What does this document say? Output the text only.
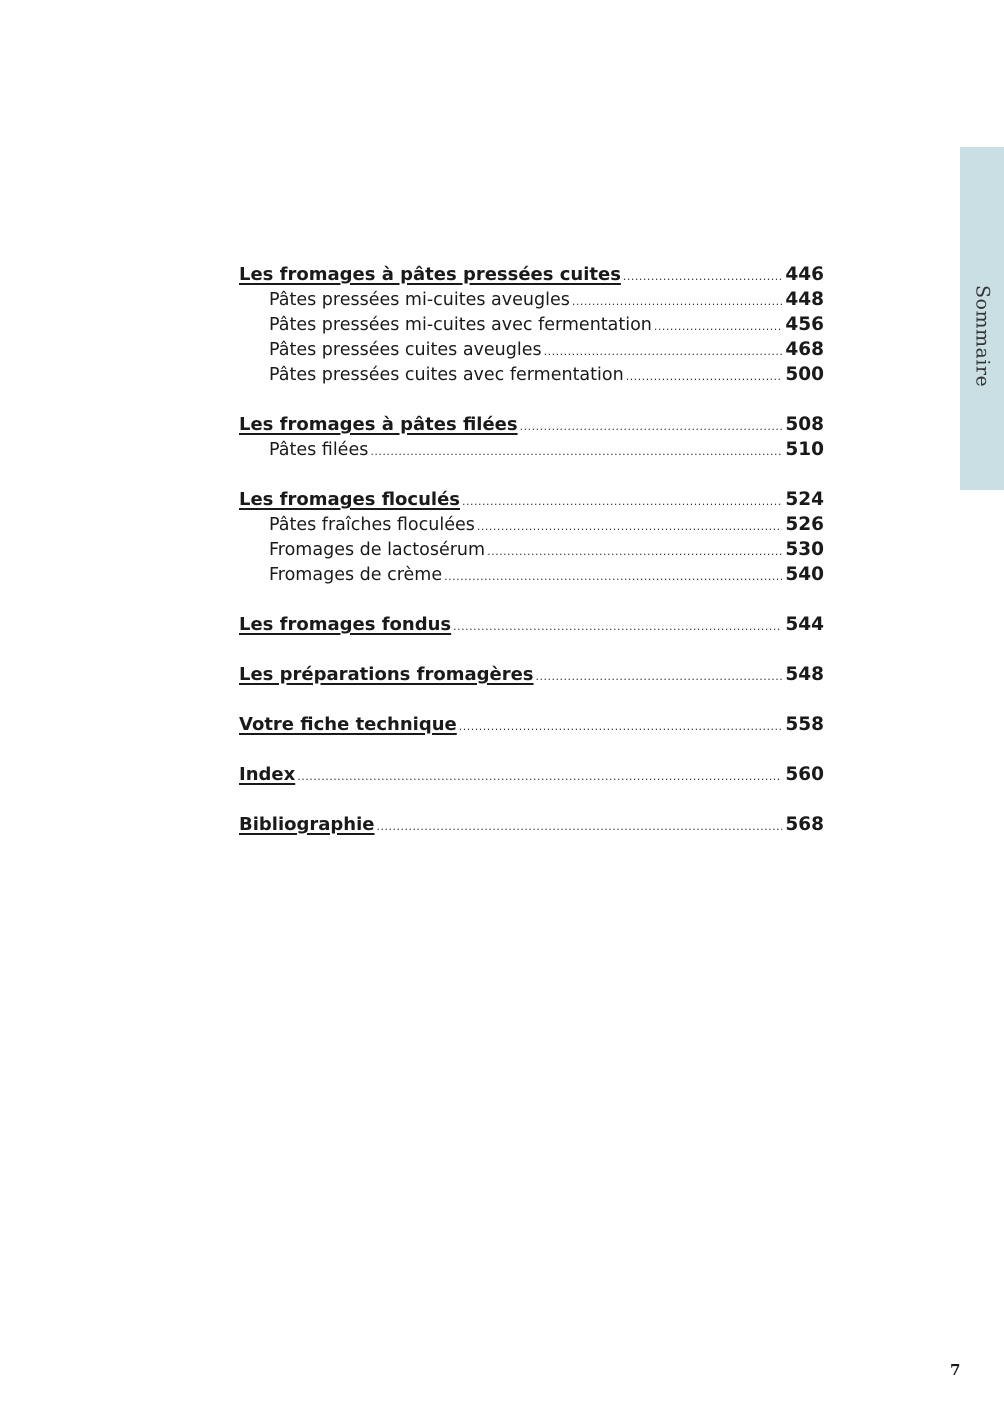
Sommaire
Les fromages à pâtes pressées cuites .....	446
Pâtes pressées mi-cuites aveugles .....	448
Pâtes pressées mi-cuites avec fermentation .....	456
Pâtes pressées cuites aveugles .....	468
Pâtes pressées cuites avec fermentation .....	500
Les fromages à pâtes filées .....	508
Pâtes filées .....	510
Les fromages floculés .....	524
Pâtes fraîches floculées .....	526
Fromages de lactosérum .....	530
Fromages de crème .....	540
Les fromages fondus .....	544
Les préparations fromagères .....	548
Votre fiche technique .....	558
Index .....	560
Bibliographie .....	568
7
